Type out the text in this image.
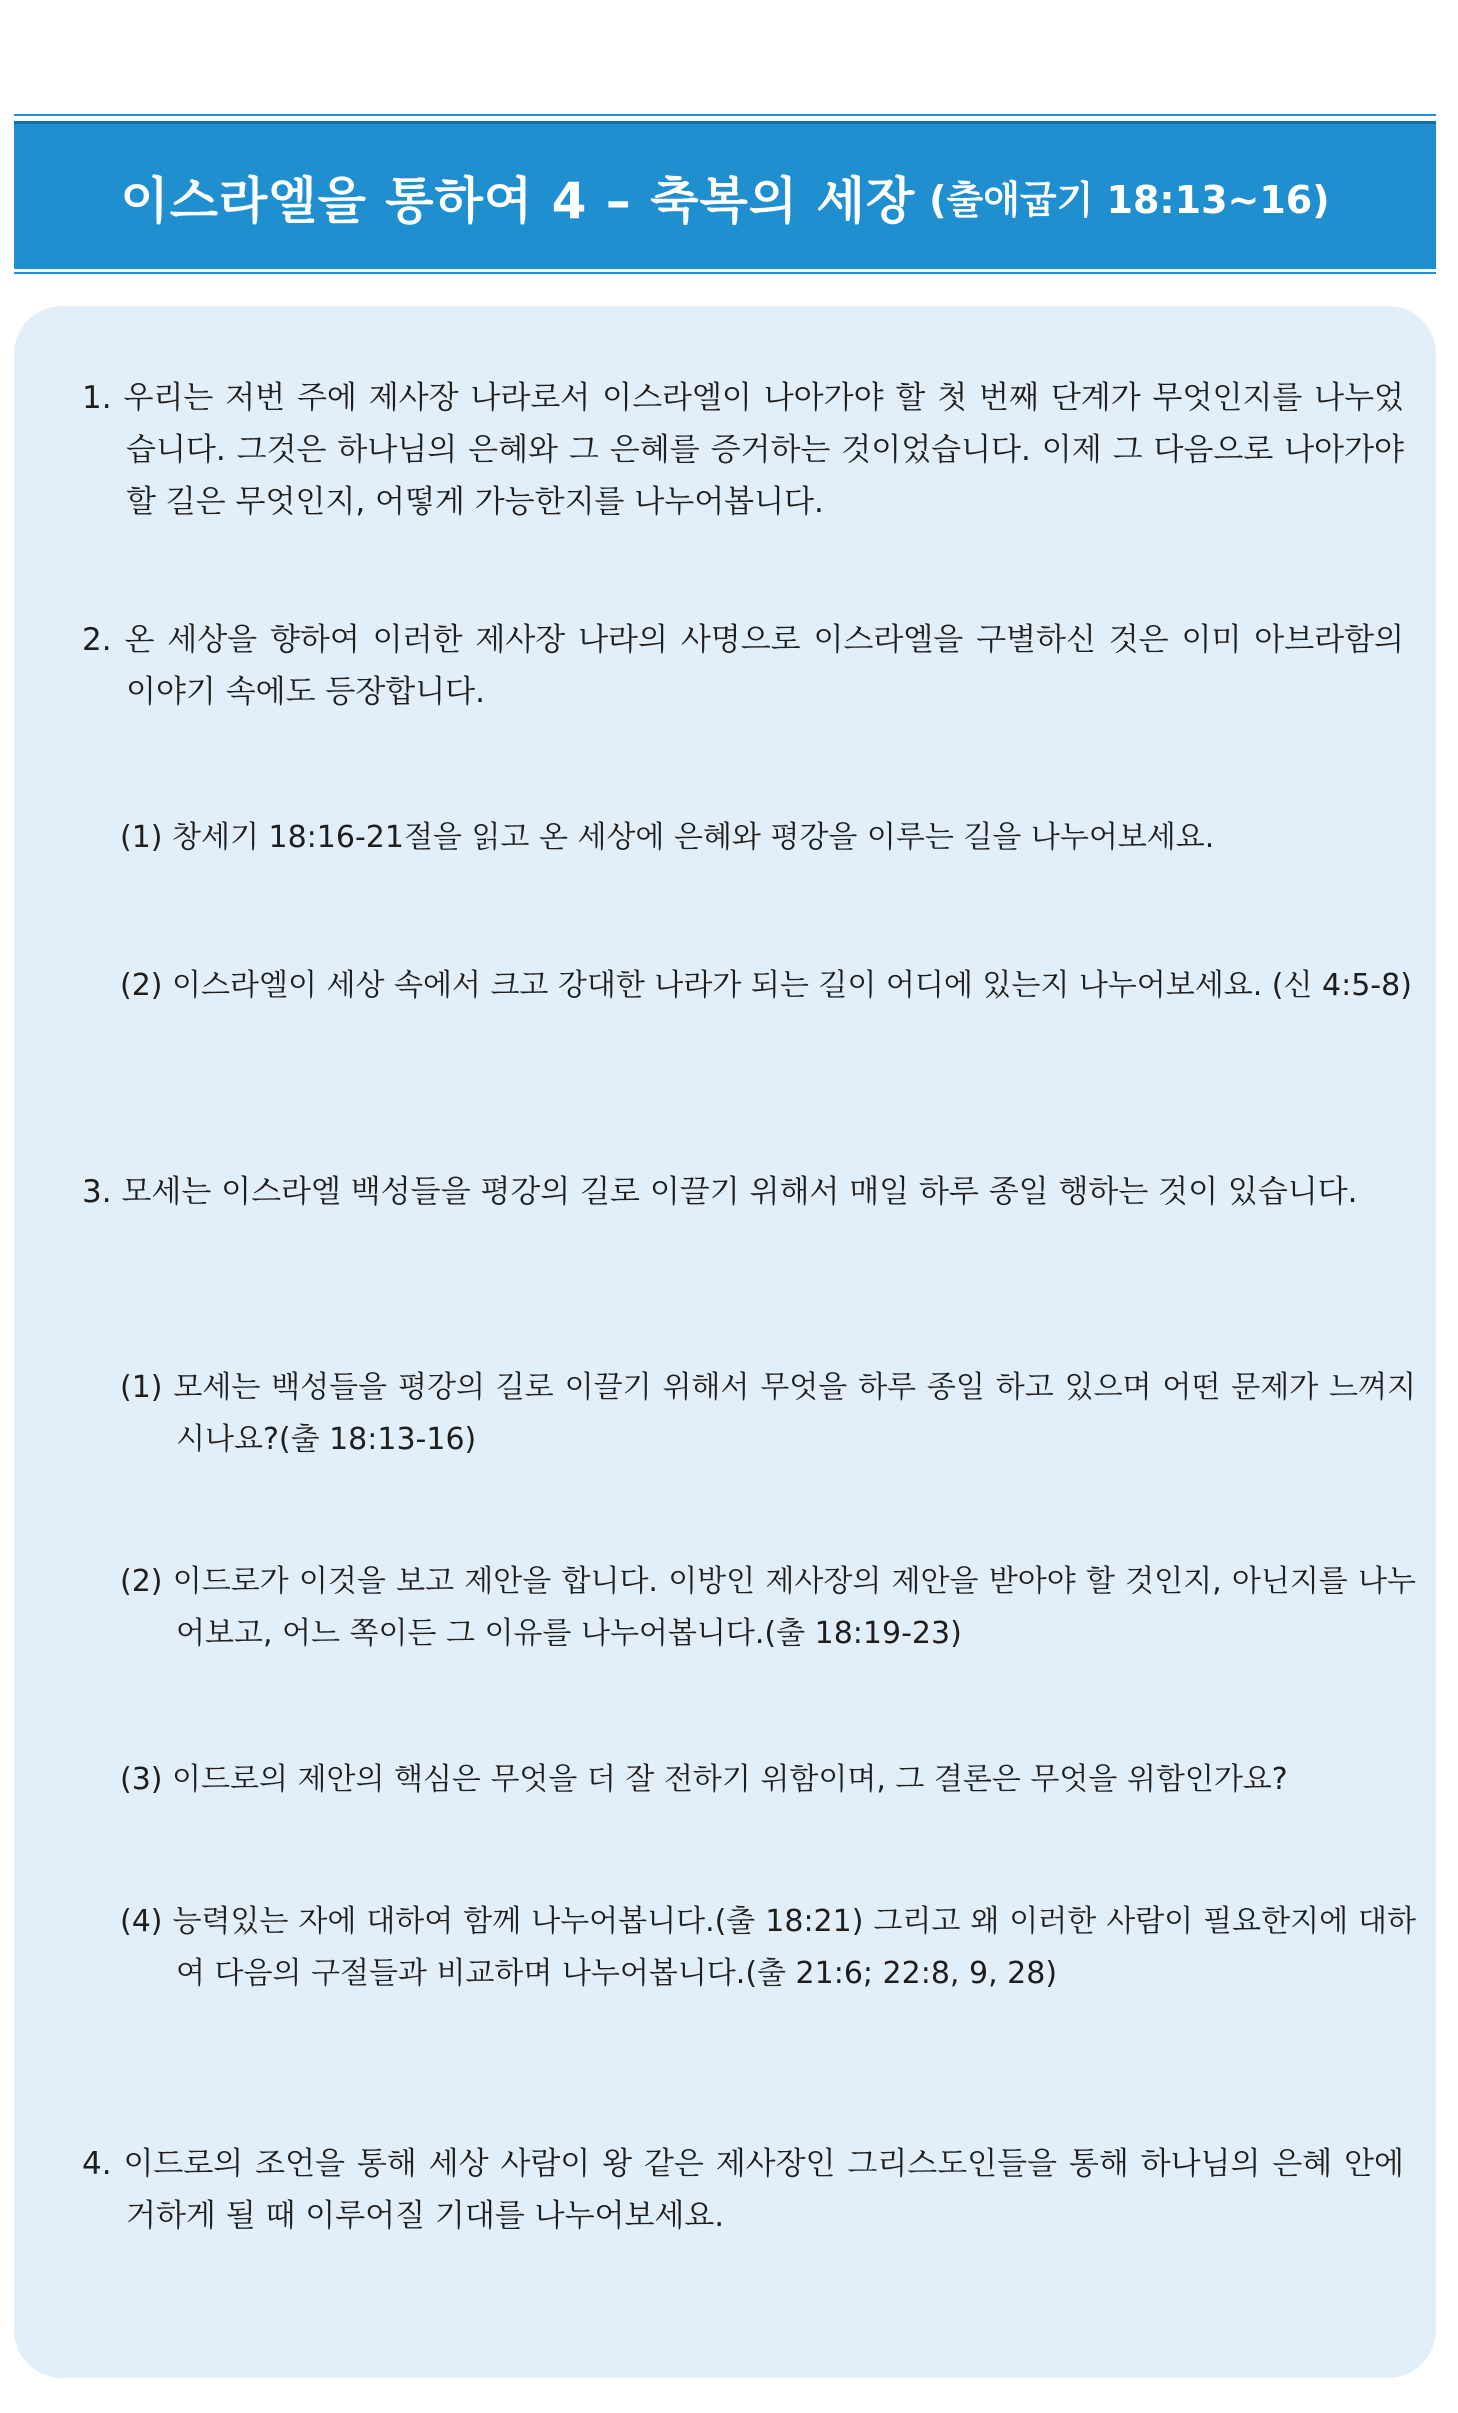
이스라엘을 통하여 4 – 축복의 세장 (출애굽기 18:13~16)

1. 우리는 저번 주에 제사장 나라로서 이스라엘이 나아가야 할 첫 번째 단계가 무엇인지를 나누었습니다. 그것은 하나님의 은혜와 그 은혜를 증거하는 것이었습니다. 이제 그 다음으로 나아가야 할 길은 무엇인지, 어떻게 가능한지를 나누어봅니다.

2. 온 세상을 향하여 이러한 제사장 나라의 사명으로 이스라엘을 구별하신 것은 이미 아브라함의 이야기 속에도 등장합니다.

(1) 창세기 18:16-21절을 읽고 온 세상에 은혜와 평강을 이루는 길을 나누어보세요.

(2) 이스라엘이 세상 속에서 크고 강대한 나라가 되는 길이 어디에 있는지 나누어보세요. (신 4:5-8)

3. 모세는 이스라엘 백성들을 평강의 길로 이끌기 위해서 매일 하루 종일 행하는 것이 있습니다.

(1) 모세는 백성들을 평강의 길로 이끌기 위해서 무엇을 하루 종일 하고 있으며 어떤 문제가 느껴지시나요?(출 18:13-16)

(2) 이드로가 이것을 보고 제안을 합니다. 이방인 제사장의 제안을 받아야 할 것인지, 아닌지를 나누어보고, 어느 쪽이든 그 이유를 나누어봅니다.(출 18:19-23)

(3) 이드로의 제안의 핵심은 무엇을 더 잘 전하기 위함이며, 그 결론은 무엇을 위함인가요?

(4) 능력있는 자에 대하여 함께 나누어봅니다.(출 18:21) 그리고 왜 이러한 사람이 필요한지에 대하여 다음의 구절들과 비교하며 나누어봅니다.(출 21:6; 22:8, 9, 28)

4. 이드로의 조언을 통해 세상 사람이 왕 같은 제사장인 그리스도인들을 통해 하나님의 은혜 안에 거하게 될 때 이루어질 기대를 나누어보세요.
